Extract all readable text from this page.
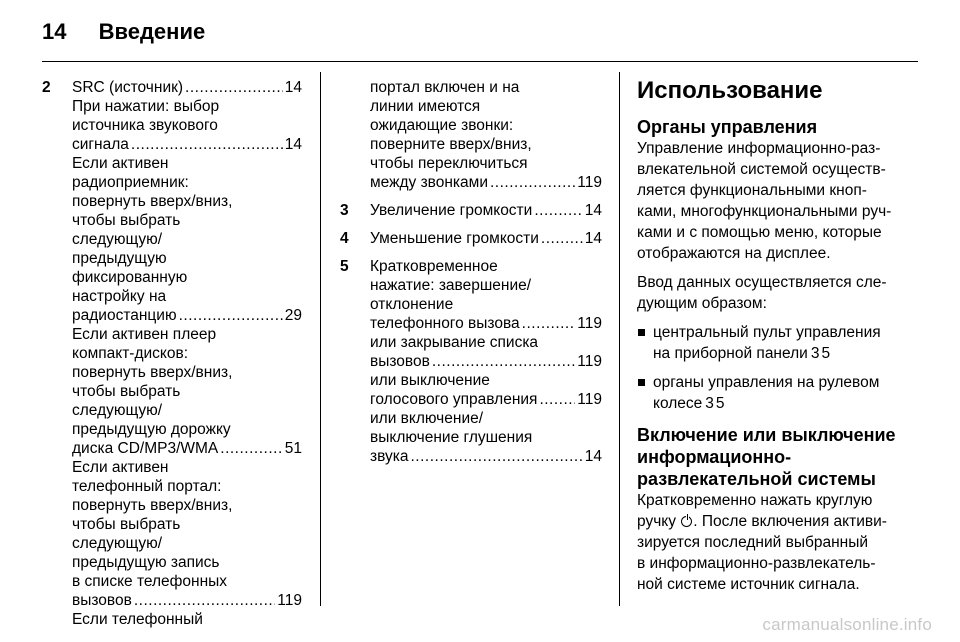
14 Введение
2 SRC (источник) .....	14
При нажатии: выбор
источника звукового
сигнала .....	14
Если активен
радиоприемник:
повернуть вверх/вниз,
чтобы выбрать
следующую/
предыдущую
фиксированную
настройку на
радиостанцию .....	29
Если активен плеер
компакт-дисков:
повернуть вверх/вниз,
чтобы выбрать
следующую/
предыдущую дорожку
диска CD/MP3/WMA .....	51
Если активен
телефонный портал:
повернуть вверх/вниз,
чтобы выбрать
следующую/
предыдущую запись
в списке телефонных
вызовов .....	119
Если телефонный
портал включен и на
линии имеются
ожидающие звонки:
поверните вверх/вниз,
чтобы переключиться
между звонками .....	119
3 Увеличение громкости .....	14
4 Уменьшение громкости .....	14
5 Кратковременное
нажатие: завершение/
отклонение
телефонного вызова .....	119
или закрывание списка
вызовов .....	119
или выключение
голосового управления .....	119
или включение/
выключение глушения
звука .....	14
Использование
Органы управления
Управление информационно-раз-
влекательной системой осуществ-
ляется функциональными кноп-
ками, многофункциональными руч-
ками и с помощью меню, которые
отображаются на дисплее.
Ввод данных осуществляется сле-
дующим образом:
центральный пульт управления
на приборной панели 3 5
органы управления на рулевом
колесе 3 5
Включение или выключение
информационно-
развлекательной системы
Кратковременно нажать круглую
ручку . После включения активи-
зируется последний выбранный
в информационно-развлекатель-
ной системе источник сигнала.
carmanualsonline.info
